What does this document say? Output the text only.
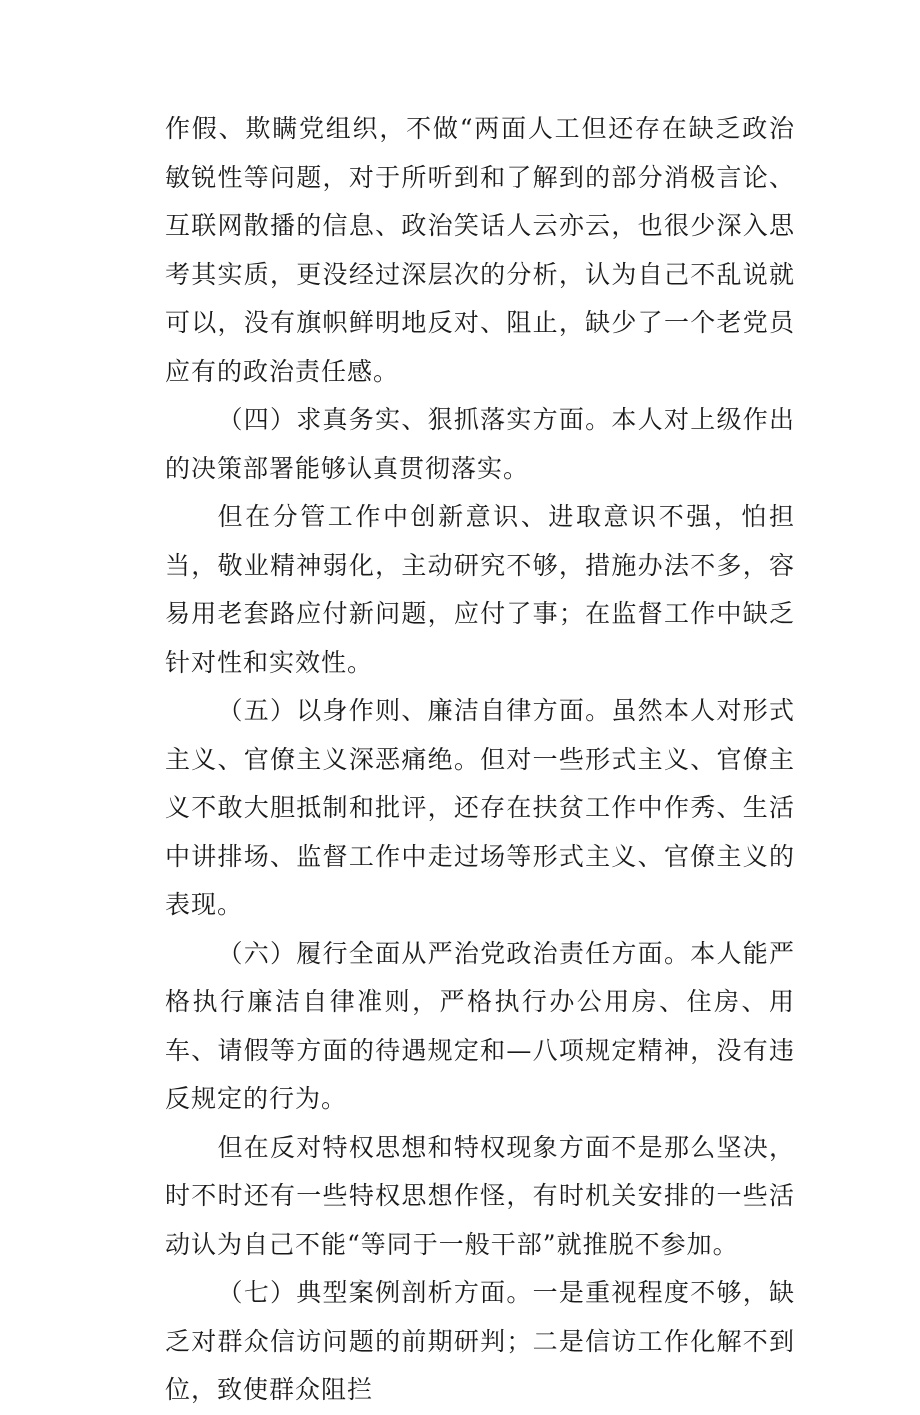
作假、欺瞒党组织，不做“两面人工但还存在缺乏政治敏锐性等问题，对于所听到和了解到的部分消极言论、互联网散播的信息、政治笑话人云亦云，也很少深入思考其实质，更没经过深层次的分析，认为自己不乱说就可以，没有旗帜鲜明地反对、阻止，缺少了一个老党员应有的政治责任感。

（四）求真务实、狠抓落实方面。本人对上级作出的决策部署能够认真贯彻落实。

但在分管工作中创新意识、进取意识不强，怕担当，敬业精神弱化，主动研究不够，措施办法不多，容易用老套路应付新问题，应付了事；在监督工作中缺乏针对性和实效性。

（五）以身作则、廉洁自律方面。虽然本人对形式主义、官僚主义深恶痛绝。但对一些形式主义、官僚主义不敢大胆抵制和批评，还存在扶贫工作中作秀、生活中讲排场、监督工作中走过场等形式主义、官僚主义的表现。

（六）履行全面从严治党政治责任方面。本人能严格执行廉洁自律准则，严格执行办公用房、住房、用车、请假等方面的待遇规定和—八项规定精神，没有违反规定的行为。

但在反对特权思想和特权现象方面不是那么坚决，时不时还有一些特权思想作怪，有时机关安排的一些活动认为自己不能“等同于一般干部”就推脱不参加。

（七）典型案例剖析方面。一是重视程度不够，缺乏对群众信访问题的前期研判；二是信访工作化解不到位，致使群众阻拦
